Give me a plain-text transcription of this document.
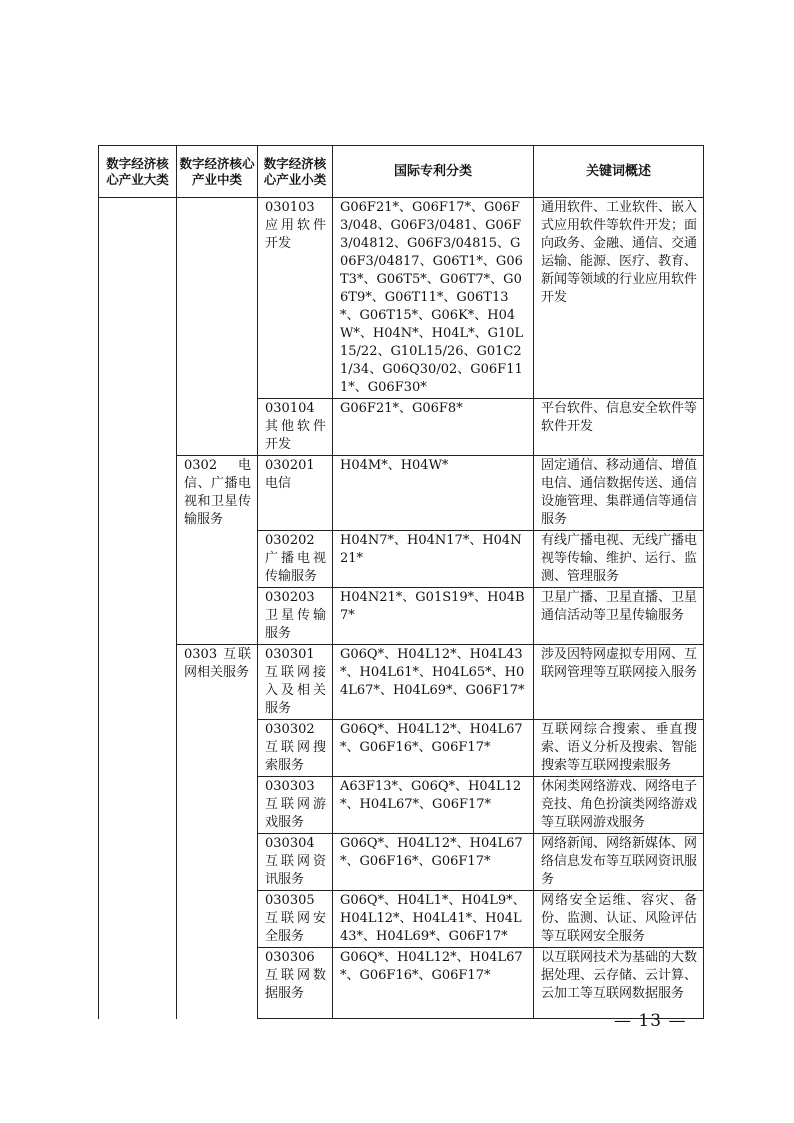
数字经济核心产业大类	数字经济核心产业中类	数字经济核心产业小类	国际专利分类	关键词概述
		030103 应用软件开发	G06F21*、G06F17*、G06F3/048、G06F3/0481、G06F3/04812、G06F3/04815、G06F3/04817、G06T1*、G06T3*、G06T5*、G06T7*、G06T9*、G06T11*、G06T13*、G06T15*、G06K*、H04W*、H04N*、H04L*、G10L15/22、G10L15/26、G01C21/34、G06Q30/02、G06F111*、G06F30*	通用软件、工业软件、嵌入式应用软件等软件开发；面向政务、金融、通信、交通运输、能源、医疗、教育、新闻等领域的行业应用软件开发
		030104 其他软件开发	G06F21*、G06F8*	平台软件、信息安全软件等软件开发
	0302电信、广播电视和卫星传输服务	030201 电信	H04M*、H04W*	固定通信、移动通信、增值电信、通信数据传送、通信设施管理、集群通信等通信服务
		030202 广播电视传输服务	H04N7*、H04N17*、H04N21*	有线广播电视、无线广播电视等传输、维护、运行、监测、管理服务
		030203 卫星传输服务	H04N21*、G01S19*、H04B7*	卫星广播、卫星直播、卫星通信活动等卫星传输服务
	0303 互联网相关服务	030301 互联网接入及相关服务	G06Q*、H04L12*、H04L43*、H04L61*、H04L65*、H04L67*、H04L69*、G06F17*	涉及因特网虚拟专用网、互联网管理等互联网接入服务
		030302 互联网搜索服务	G06Q*、H04L12*、H04L67*、G06F16*、G06F17*	互联网综合搜索、垂直搜索、语义分析及搜索、智能搜索等互联网搜索服务
		030303 互联网游戏服务	A63F13*、G06Q*、H04L12*、H04L67*、G06F17*	休闲类网络游戏、网络电子竞技、角色扮演类网络游戏等互联网游戏服务
		030304 互联网资讯服务	G06Q*、H04L12*、H04L67*、G06F16*、G06F17*	网络新闻、网络新媒体、网络信息发布等互联网资讯服务
		030305 互联网安全服务	G06Q*、H04L1*、H04L9*、H04L12*、H04L41*、H04L43*、H04L69*、G06F17*	网络安全运维、容灾、备份、监测、认证、风险评估等互联网安全服务
		030306 互联网数据服务	G06Q*、H04L12*、H04L67*、G06F16*、G06F17*	以互联网技术为基础的大数据处理、云存储、云计算、云加工等互联网数据服务
— 13 —
